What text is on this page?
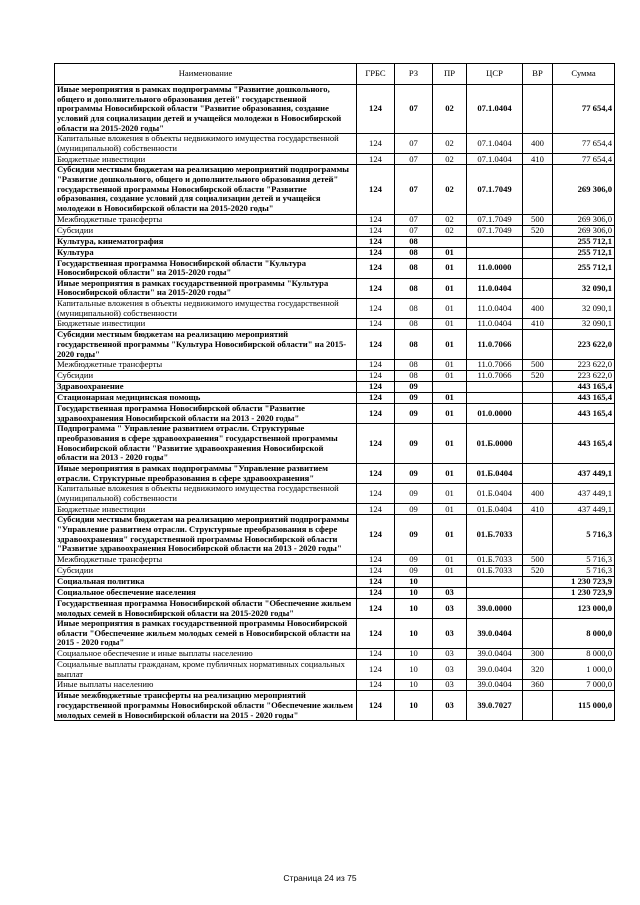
Наименование	ГРБС	РЗ	ПР	ЦСР	ВР	Сумма
Иные мероприятия в рамках подпрограммы "Развитие дошкольного, общего и дополнительного образования детей" государственной программы Новосибирской области "Развитие образования, создание условий для социализации детей и учащейся молодежи в Новосибирской области на 2015-2020 годы"	124	07	02	07.1.0404		77 654,4
Капитальные вложения в объекты недвижимого имущества государственной (муниципальной) собственности	124	07	02	07.1.0404	400	77 654,4
Бюджетные инвестиции	124	07	02	07.1.0404	410	77 654,4
Субсидии местным бюджетам на реализацию мероприятий подпрограммы "Развитие дошкольного, общего и дополнительного образования детей" государственной программы Новосибирской области "Развитие образования, создание условий для социализации детей и учащейся молодежи в Новосибирской области на 2015-2020 годы"	124	07	02	07.1.7049		269 306,0
Межбюджетные трансферты	124	07	02	07.1.7049	500	269 306,0
Субсидии	124	07	02	07.1.7049	520	269 306,0
Культура, кинематография	124	08				255 712,1
Культура	124	08	01			255 712,1
Государственная программа Новосибирской области "Культура Новосибирской области" на 2015-2020 годы"	124	08	01	11.0.0000		255 712,1
Иные мероприятия в рамках государственной программы "Культура Новосибирской области" на 2015-2020 годы"	124	08	01	11.0.0404		32 090,1
Капитальные вложения в объекты недвижимого имущества государственной (муниципальной) собственности	124	08	01	11.0.0404	400	32 090,1
Бюджетные инвестиции	124	08	01	11.0.0404	410	32 090,1
Субсидии местным бюджетам на реализацию мероприятий государственной программы "Культура Новосибирской области" на 2015-2020 годы"	124	08	01	11.0.7066		223 622,0
Межбюджетные трансферты	124	08	01	11.0.7066	500	223 622,0
Субсидии	124	08	01	11.0.7066	520	223 622,0
Здравоохранение	124	09				443 165,4
Стационарная медицинская помощь	124	09	01			443 165,4
Государственная программа Новосибирской области "Развитие здравоохранения Новосибирской области на 2013 - 2020 годы"	124	09	01	01.0.0000		443 165,4
Подпрограмма " Управление развитием отрасли. Структурные преобразования в сфере здравоохранения" государственной программы Новосибирской области "Развитие здравоохранения Новосибирской области на 2013 - 2020 годы"	124	09	01	01.Б.0000		443 165,4
Иные мероприятия в рамках подпрограммы "Управление развитием отрасли. Структурные преобразования в сфере здравоохранения"	124	09	01	01.Б.0404		437 449,1
Капитальные вложения в объекты недвижимого имущества государственной (муниципальной) собственности	124	09	01	01.Б.0404	400	437 449,1
Бюджетные инвестиции	124	09	01	01.Б.0404	410	437 449,1
Субсидии местным бюджетам на реализацию мероприятий подпрограммы "Управление развитием отрасли. Структурные преобразования в сфере здравоохранения" государственной программы Новосибирской области "Развитие здравоохранения Новосибирской области на 2013 - 2020 годы"	124	09	01	01.Б.7033		5 716,3
Межбюджетные трансферты	124	09	01	01.Б.7033	500	5 716,3
Субсидии	124	09	01	01.Б.7033	520	5 716,3
Социальная политика	124	10				1 230 723,9
Социальное обеспечение населения	124	10	03			1 230 723,9
Государственная программа Новосибирской области "Обеспечение жильем молодых семей в Новосибирской области на 2015-2020 годы"	124	10	03	39.0.0000		123 000,0
Иные мероприятия в рамках государственной программы Новосибирской области "Обеспечение жильем молодых семей в Новосибирской области на 2015 - 2020 годы"	124	10	03	39.0.0404		8 000,0
Социальное обеспечение и иные выплаты населению	124	10	03	39.0.0404	300	8 000,0
Социальные выплаты гражданам, кроме публичных нормативных социальных выплат	124	10	03	39.0.0404	320	1 000,0
Иные выплаты населению	124	10	03	39.0.0404	360	7 000,0
Иные межбюджетные трансферты на реализацию мероприятий государственной программы Новосибирской области "Обеспечение жильем молодых семей в Новосибирской области на 2015 - 2020 годы"	124	10	03	39.0.7027		115 000,0
Страница 24 из 75
